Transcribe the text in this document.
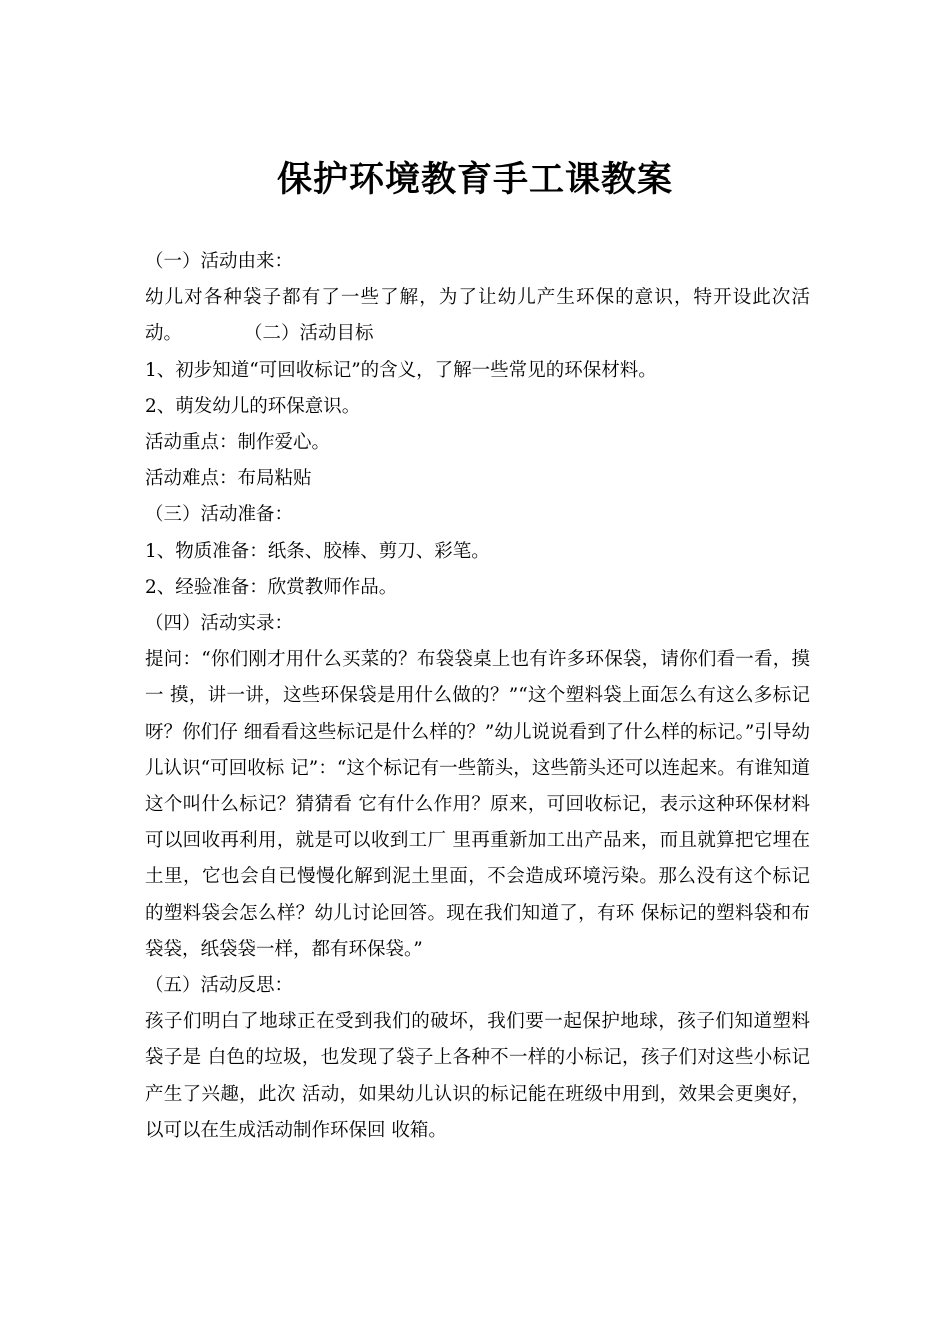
保护环境教育手工课教案

（一）活动由来：

幼儿对各种袋子都有了一些了解，为了让幼儿产生环保的意识，特开设此次活动。	（二）活动目标

1、初步知道“可回收标记”的含义，了解一些常见的环保材料。

2、萌发幼儿的环保意识。

活动重点：制作爱心。

活动难点：布局粘贴

（三）活动准备：

1、物质准备：纸条、胶棒、剪刀、彩笔。

2、经验准备：欣赏教师作品。

（四）活动实录：

提问：“你们刚才用什么买菜的？布袋袋桌上也有许多环保袋，请你们看一看，摸一 摸，讲一讲，这些环保袋是用什么做的？”“这个塑料袋上面怎么有这么多标记呀？你们仔 细看看这些标记是什么样的？”幼儿说说看到了什么样的标记。”引导幼儿认识“可回收标 记”：“这个标记有一些箭头，这些箭头还可以连起来。有谁知道这个叫什么标记？猜猜看 它有什么作用？原来，可回收标记，表示这种环保材料可以回收再利用，就是可以收到工厂 里再重新加工出产品来，而且就算把它埋在土里，它也会自已慢慢化解到泥土里面，不会造成环境污染。那么没有这个标记的塑料袋会怎么样？幼儿讨论回答。现在我们知道了，有环 保标记的塑料袋和布袋袋，纸袋袋一样，都有环保袋。”

（五）活动反思：

孩子们明白了地球正在受到我们的破坏，我们要一起保护地球，孩子们知道塑料袋子是 白色的垃圾，也发现了袋子上各种不一样的小标记，孩子们对这些小标记产生了兴趣，此次 活动，如果幼儿认识的标记能在班级中用到，效果会更奥好，以可以在生成活动制作环保回 收箱。
